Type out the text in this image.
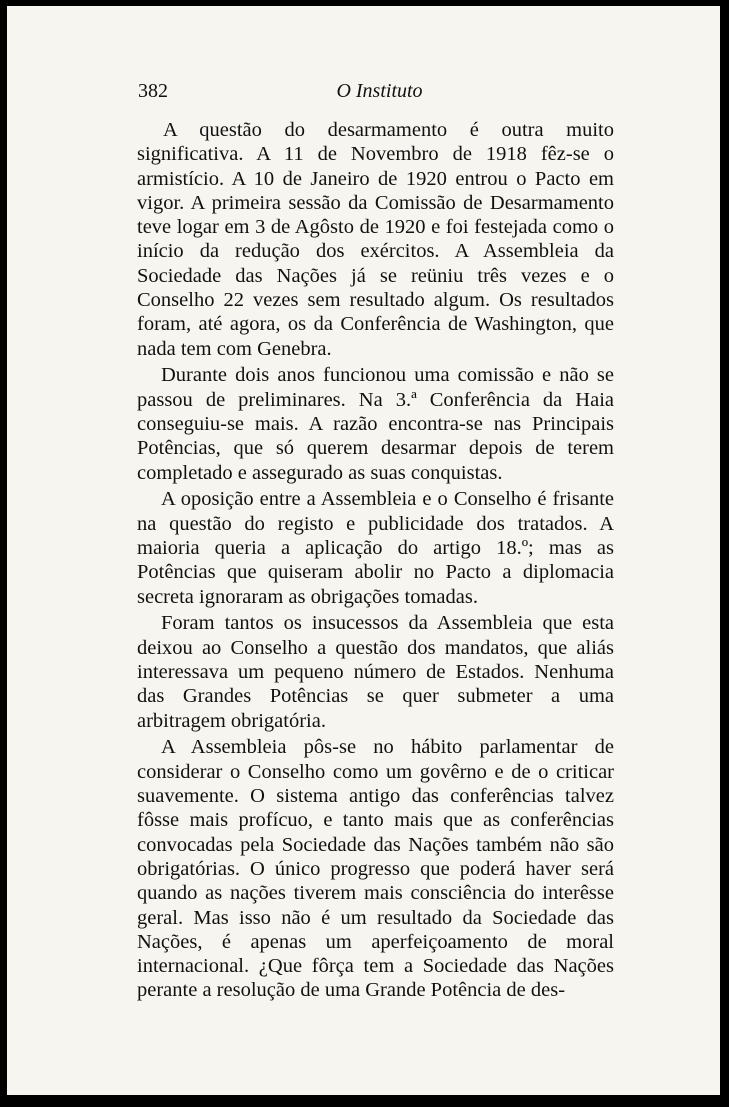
382	O Instituto

A questão do desarmamento é outra muito significativa. A 11 de Novembro de 1918 fêz-se o armistício. A 10 de Janeiro de 1920 entrou o Pacto em vigor. A primeira sessão da Comissão de Desarmamento teve logar em 3 de Agôsto de 1920 e foi festejada como o início da redução dos exércitos. A Assembleia da Sociedade das Nações já se reüniu três vezes e o Conselho 22 vezes sem resultado algum. Os resultados foram, até agora, os da Conferência de Washington, que nada tem com Genebra.

Durante dois anos funcionou uma comissão e não se passou de preliminares. Na 3.ª Conferência da Haia conseguiu-se mais. A razão encontra-se nas Principais Potências, que só querem desarmar depois de terem completado e assegurado as suas conquistas.

A oposição entre a Assembleia e o Conselho é frisante na questão do registo e publicidade dos tratados. A maioria queria a aplicação do artigo 18.º; mas as Potências que quiseram abolir no Pacto a diplomacia secreta ignoraram as obrigações tomadas.

Foram tantos os insucessos da Assembleia que esta deixou ao Conselho a questão dos mandatos, que aliás interessava um pequeno número de Estados. Nenhuma das Grandes Potências se quer submeter a uma arbitragem obrigatória.

A Assembleia pôs-se no hábito parlamentar de considerar o Conselho como um govêrno e de o criticar suavemente. O sistema antigo das conferências talvez fôsse mais profícuo, e tanto mais que as conferências convocadas pela Sociedade das Nações também não são obrigatórias. O único progresso que poderá haver será quando as nações tiverem mais consciência do interêsse geral. Mas isso não é um resultado da Sociedade das Nações, é apenas um aperfeiçoamento de moral internacional. ¿Que fôrça tem a Sociedade das Nações perante a resolução de uma Grande Potência de des-
